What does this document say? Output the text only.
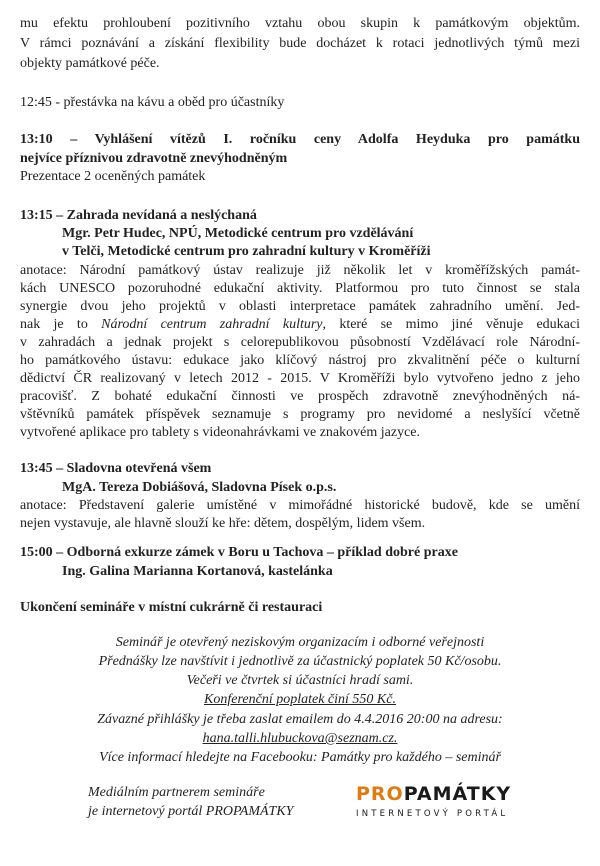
mu efektu prohloubení pozitivního vztahu obou skupin k památkovým objektům.
V rámci poznávání a získání flexibility bude docházet k rotaci jednotlivých týmů mezi
objekty památkové péče.
12:45 - přestávka na kávu a oběd pro účastníky
13:10 – Vyhlášení vítězů I. ročníku ceny Adolfa Heyduka pro památku
nejvíce příznivou zdravotně znevýhodněným
Prezentace 2 oceněných památek
13:15 – Zahrada nevídaná a neslýchaná
Mgr. Petr Hudec, NPÚ, Metodické centrum pro vzdělávání
v Telči, Metodické centrum pro zahradní kultury v Kroměříži
anotace: Národní památkový ústav realizuje již několik let v kroměřížských památ-
kách UNESCO pozoruhodné edukační aktivity. Platformou pro tuto činnost se stala
synergie dvou jeho projektů v oblasti interpretace památek zahradního umění. Jed-
nak je to Národní centrum zahradní kultury, které se mimo jiné věnuje edukaci
v zahradách a jednak projekt s celorepublikovou působností Vzdělávací role Národní-
ho památkového ústavu: edukace jako klíčový nástroj pro zkvalitnění péče o kulturní
dědictví ČR realizovaný v letech 2012 - 2015. V Kroměříži bylo vytvořeno jedno z jeho
pracovišť. Z bohaté edukační činnosti ve prospěch zdravotně znevýhodněných ná-
vštěvníků památek příspěvek seznamuje s programy pro nevidomé a neslyšící včetně
vytvořené aplikace pro tablety s videonahrávkami ve znakovém jazyce.
13:45 – Sladovna otevřená všem
MgA. Tereza Dobiášová, Sladovna Písek o.p.s.
anotace: Představení galerie umístěné v mimořádné historické budově, kde se umění
nejen vystavuje, ale hlavně slouží ke hře: dětem, dospělým, lidem všem.
15:00 – Odborná exkurze zámek v Boru u Tachova – příklad dobré praxe
Ing. Galina Marianna Kortanová, kastelánka
Ukončení semináře v místní cukrárně či restauraci
Seminář je otevřený neziskovým organizacím i odborné veřejnosti
Přednášky lze navštívit i jednotlivě za účastnický poplatek 50 Kč/osobu.
Večeři ve čtvrtek si účastníci hradí sami.
Konferenční poplatek činí 550 Kč.
Závazné přihlášky je třeba zaslat emailem do 4.4.2016 20:00 na adresu:
hana.talli.hlubuckova@seznam.cz.
Více informací hledejte na Facebooku: Památky pro každého – seminář
Mediálním partnerem semináře
je internetový portál PROPAMÁTKY
PROPAMÁTKY
INTERNETOVÝ PORTÁL
